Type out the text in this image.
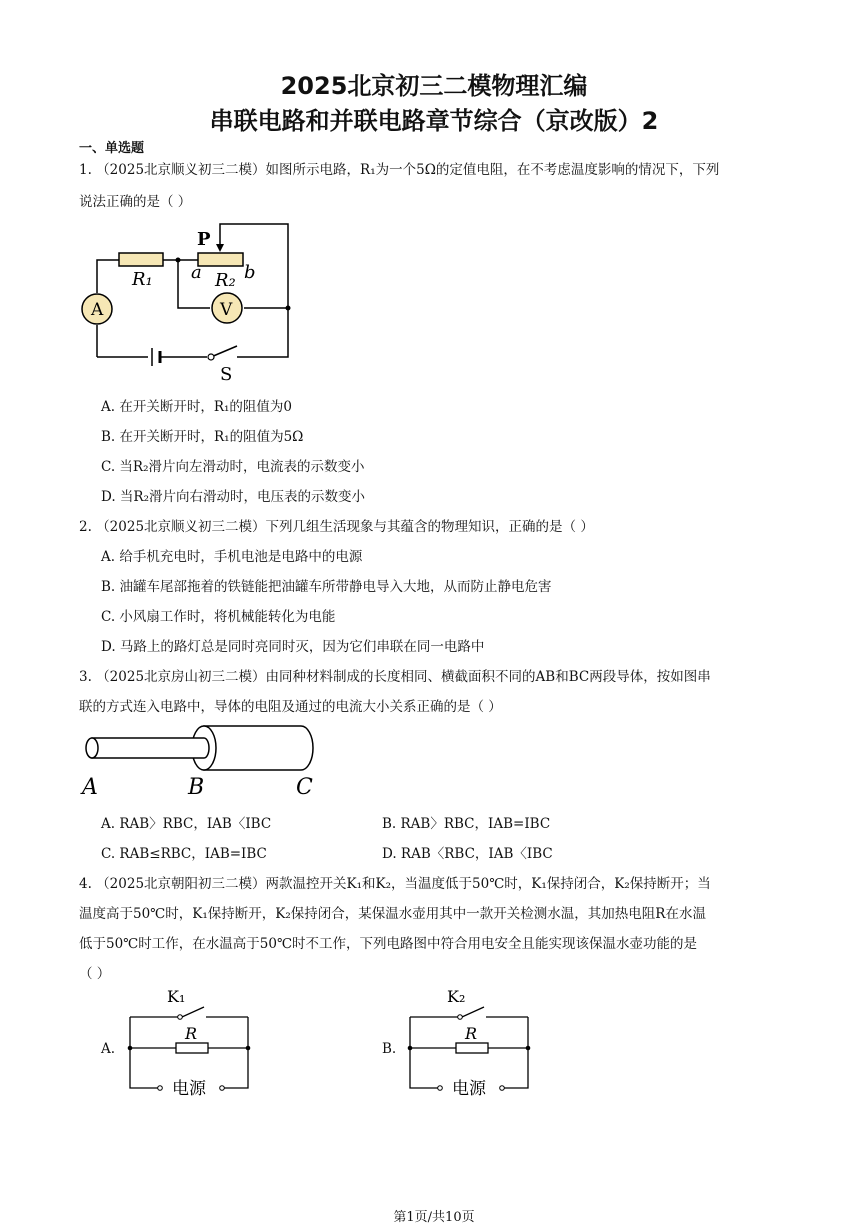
2025北京初三二模物理汇编
串联电路和并联电路章节综合（京改版）2
一、单选题
1. （2025北京顺义初三二模）如图所示电路，R₁为一个5Ω的定值电阻，在不考虑温度影响的情况下，下列
说法正确的是（ ）
P
R₁ a R₂ b
A	V
S
A. 在开关断开时，R₁的阻值为0
B. 在开关断开时，R₁的阻值为5Ω
C. 当R₂滑片向左滑动时，电流表的示数变小
D. 当R₂滑片向右滑动时，电压表的示数变小
2. （2025北京顺义初三二模）下列几组生活现象与其蕴含的物理知识，正确的是（ ）
A. 给手机充电时，手机电池是电路中的电源
B. 油罐车尾部拖着的铁链能把油罐车所带静电导入大地，从而防止静电危害
C. 小风扇工作时，将机械能转化为电能
D. 马路上的路灯总是同时亮同时灭，因为它们串联在同一电路中
3. （2025北京房山初三二模）由同种材料制成的长度相同、横截面积不同的AB和BC两段导体，按如图串
联的方式连入电路中，导体的电阻及通过的电流大小关系正确的是（ ）
A	B	C
A. RAB〉RBC，IAB〈IBC	B. RAB〉RBC，IAB=IBC
C. RAB≤RBC，IAB=IBC	D. RAB〈RBC，IAB〈IBC
4. （2025北京朝阳初三二模）两款温控开关K₁和K₂，当温度低于50℃时，K₁保持闭合，K₂保持断开；当
温度高于50℃时，K₁保持断开，K₂保持闭合，某保温水壶用其中一款开关检测水温，其加热电阻R在水温
低于50℃时工作，在水温高于50℃时不工作，下列电路图中符合用电安全且能实现该保温水壶功能的是
（ ）
A.
K₁
R
电源
B.
K₂
R
电源
第1页/共10页
